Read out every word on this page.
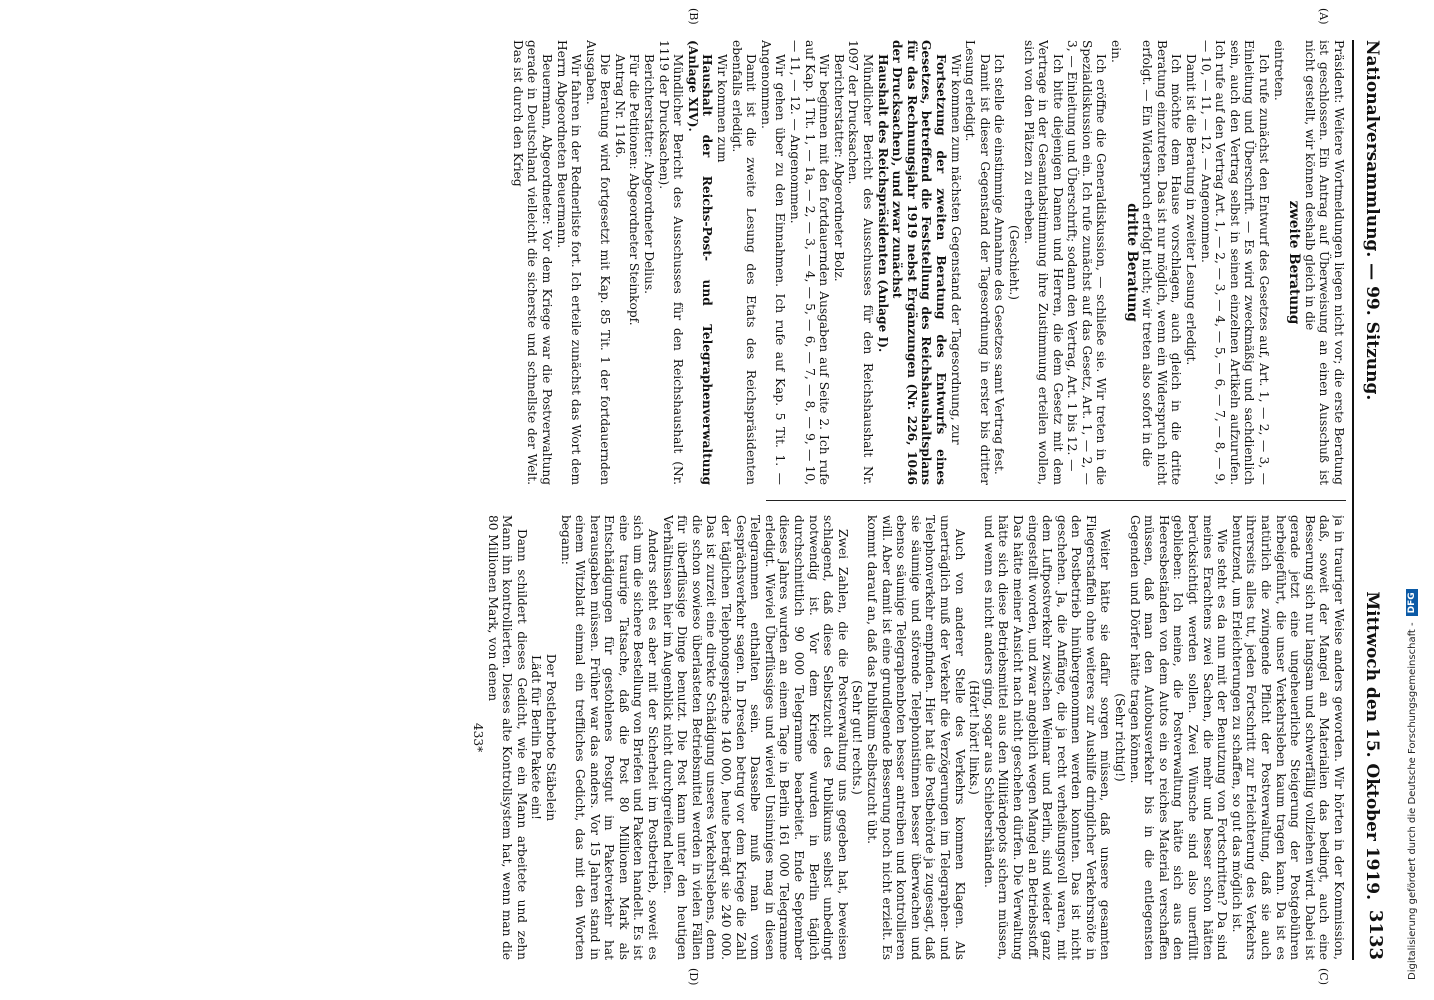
Nationalversammlung. — 99. Sitzung.
Mittwoch den 15. Oktober 1919.
3133
(A)
(B)
(C)
(D)

Präsident: Weitere Wortmeldungen liegen nicht vor; die erste Beratung ist geschlossen. Ein Antrag auf Überweisung an einen Ausschuß ist nicht gestellt, wir können deshalb gleich in die

zweite Beratung

eintreten.

Ich rufe zunächst den Entwurf des Gesetzes auf, Art. 1, — 2, — 3, — Einleitung und Überschrift. — Es wird zweckmäßig und sachdienlich sein, auch den Vertrag selbst in seinen einzelnen Artikeln aufzurufen. Ich rufe auf den Vertrag Art. 1, — 2, — 3, — 4, — 5, — 6, — 7, — 8, — 9, — 10, — 11, — 12. — Angenommen.

Damit ist die Beratung in zweiter Lesung erledigt.

Ich möchte dem Hause vorschlagen, auch gleich in die dritte Beratung einzutreten. Das ist nur möglich, wenn ein Widerspruch nicht erfolgt. — Ein Widerspruch erfolgt nicht; wir treten also sofort in die

dritte Beratung

ein.

Ich eröffne die Generaldiskussion, — schließe sie. Wir treten in die Spezialdiskussion ein. Ich rufe zunächst auf das Gesetz, Art. 1, — 2, — 3, — Einleitung und Überschrift; sodann den Vertrag, Art. 1 bis 12. —

Ich bitte diejenigen Damen und Herren, die dem Gesetz mit dem Vertrage in der Gesamtabstimmung ihre Zustimmung erteilen wollen, sich von den Plätzen zu erheben.

(Geschieht.)

Ich stelle die einstimmige Annahme des Gesetzes samt Vertrag fest.

Damit ist dieser Gegenstand der Tagesordnung in erster bis dritter Lesung erledigt.

Wir kommen zum nächsten Gegenstand der Tagesordnung, zur

Fortsetzung der zweiten Beratung des Entwurfs eines Gesetzes, betreffend die Feststellung des Reichshaushaltsplans für das Rechnungsjahr 1919 nebst Ergänzungen (Nr. 226, 1046 der Drucksachen), und zwar zunächst

Haushalt des Reichspräsidenten (Anlage I).

Mündlicher Bericht des Ausschusses für den Reichshaushalt Nr. 1097 der Drucksachen.

Berichterstatter: Abgeordneter Bolz.

Wir beginnen mit den fortdauernden Ausgaben auf Seite 2. Ich rufe auf Kap. 1 Tit. 1, — 1a, — 2, — 3, — 4, — 5, — 6, — 7, — 8, — 9, — 10, — 11, — 12. — Angenommen.

Wir gehen über zu den Einnahmen. Ich rufe auf Kap. 5 Tit. 1. — Angenommen.

Damit ist die zweite Lesung des Etats des Reichspräsidenten ebenfalls erledigt.

Wir kommen zum

Haushalt der Reichs-Post- und Telegraphenverwaltung (Anlage XIV).

Mündlicher Bericht des Ausschusses für den Reichshaushalt (Nr. 1119 der Drucksachen).

Berichterstatter: Abgeordneter Delius.

Für die Petitionen: Abgeordneter Steinkopf.

Antrag Nr. 1146.

Die Beratung wird fortgesetzt mit Kap. 85 Tit. 1 der fortdauernden Ausgaben.

Wir fahren in der Rednerliste fort. Ich erteile zunächst das Wort dem Herrn Abgeordneten Beuermann.

Beuermann, Abgeordneter: Vor dem Kriege war die Postverwaltung gerade in Deutschland vielleicht die sicherste und schnellste der Welt. Das ist durch den Krieg

ja in trauriger Weise anders geworden. Wir hörten in der Kommission, daß, soweit der Mangel an Materialien das bedingt, auch eine Besserung sich nur langsam und schwerfällig vollziehen wird. Dabei ist gerade jetzt eine ungeheuerliche Steigerung der Postgebühren herbeigeführt, die unser Verkehrsleben kaum tragen kann. Da ist es natürlich die zwingende Pflicht der Postverwaltung, daß sie auch ihrerseits alles tut, jeden Fortschritt zur Erleichterung des Verkehrs benutzend, um Erleichterungen zu schaffen, so gut das möglich ist.

Wie steht es da nun mit der Benutzung von Fortschritten? Da sind meines Erachtens zwei Sachen, die mehr und besser schon hätten berücksichtigt werden sollen. Zwei Wünsche sind also unerfüllt geblieben: Ich meine, die Postverwaltung hätte sich aus den Heeresbeständen von dem Autos ein so reiches Material verschaffen müssen, daß man den Autobusverkehr bis in die entlegensten Gegenden und Dörfer hätte tragen können.

(Sehr richtig!)

Weiter hätte sie dafür sorgen müssen, daß unsere gesamten Fliegerstaffeln ohne weiteres zur Aushilfe dringlicher Verkehrsnöte in den Postbetrieb hinübergenommen werden konnten. Das ist nicht geschehen. Ja, die Anfänge, die ja recht verheißungsvoll waren, mit dem Luftpostverkehr zwischen Weimar und Berlin, sind wieder ganz eingestellt worden, und zwar angeblich wegen Mangel an Betriebsstoff. Das hätte meiner Ansicht nach nicht geschehen dürfen. Die Verwaltung hätte sich diese Betriebsmittel aus den Militärdepots sichern müssen, und wenn es nicht anders ging, sogar aus Schiebershänden.

(Hört! hört! links.)

Auch von anderer Stelle des Verkehrs kommen Klagen. Als unerträglich muß der Verkehr die Verzögerungen im Telegraphen- und Telephonverkehr empfinden. Hier hat die Postbehörde ja zugesagt, daß sie säumige und störende Telephonistinnen besser überwachen und ebenso säumige Telegraphenboten besser antreiben und kontrollieren will. Aber damit ist eine grundlegende Besserung noch nicht erzielt. Es kommt darauf an, daß das Publikum Selbstzucht übt.

(Sehr gut! rechts.)

Zwei Zahlen, die die Postverwaltung uns gegeben hat, beweisen schlagend, daß diese Selbstzucht des Publikums selbst unbedingt notwendig ist. Vor dem Kriege wurden in Berlin täglich durchschnittlich 90 000 Telegramme bearbeitet. Ende September dieses Jahres wurden an einem Tage in Berlin 161 000 Telegramme erledigt. Wieviel Überflüssiges und wieviel Unsinniges mag in diesen Telegrammen enthalten sein. Dasselbe muß man vom Gesprächsverkehr sagen. In Dresden betrug vor dem Kriege die Zahl der täglichen Telephongespräche 140 000, heute beträgt sie 240 000. Das ist zurzeit eine direkte Schädigung unseres Verkehrslebens, denn die schon sowieso überlasteten Betriebsmittel werden in vielen Fällen für überflüssige Dinge benutzt. Die Post kann unter den heutigen Verhältnissen hier im Augenblick nicht durchgreifend helfen.

Anders steht es aber mit der Sicherheit im Postbetrieb, soweit es sich um die sichere Bestellung von Briefen und Paketen handelt. Es ist eine traurige Tatsache, daß die Post 80 Millionen Mark als Entschädigungen für gestohlenes Postgut im Paketverkehr hat herausgaben müssen. Früher war das anders. Vor 15 Jahren stand in einem Witzblatt einmal ein treffliches Gedicht, das mit den Worten begann:

Der Postlehrbote Stäbelein

Lädt für Berlin Pakete ein!

Dann schildert dieses Gedicht, wie ein Mann arbeitete und zehn Mann ihn kontrollierten. Dieses alte Kontrollsystem hat, wenn man die 80 Millionen Mark, von denen

433*	Digitalisierung gefördert durch die Deutsche Forschungsgemeinschaft -DFG
